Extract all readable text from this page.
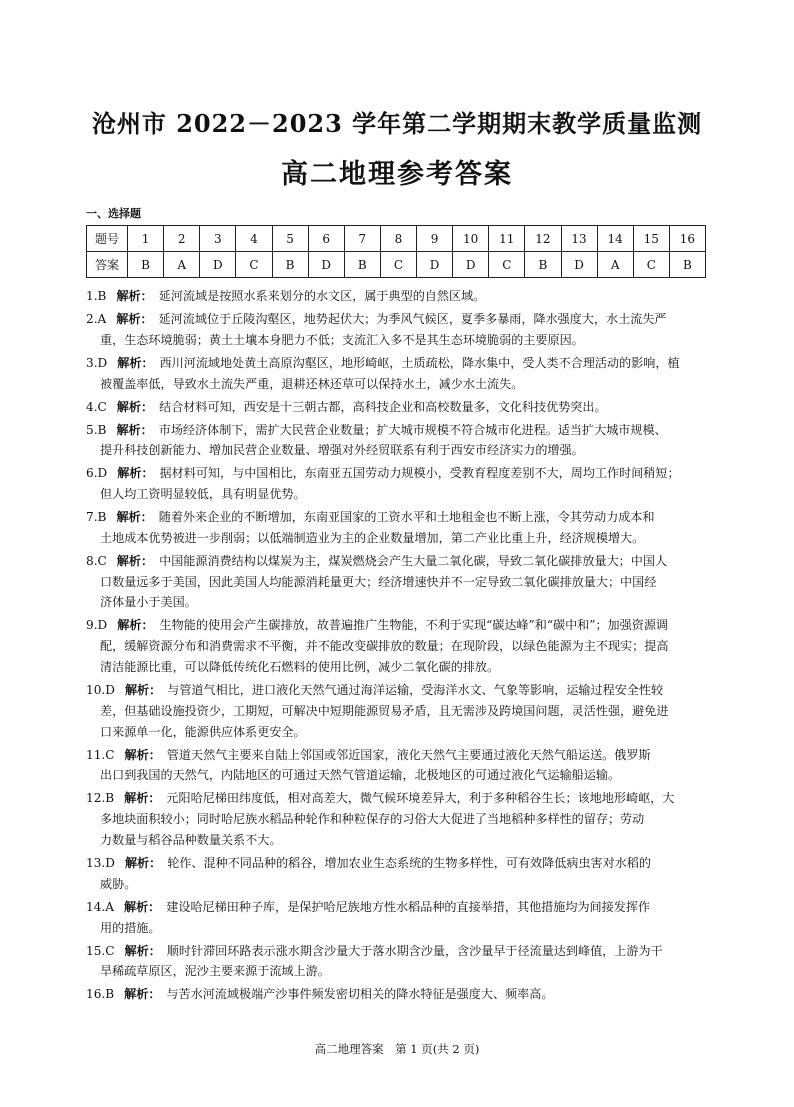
沧州市 2022－2023 学年第二学期期末教学质量监测
高二地理参考答案
一、选择题
题号	1	2	3	4	5	6	7	8	9	10	11	12	13	14	15	16
答案	B	A	D	C	B	D	B	C	D	D	C	B	D	A	C	B

1.B 解析： 延河流域是按照水系来划分的水文区，属于典型的自然区域。

2.A 解析： 延河流域位于丘陵沟壑区，地势起伏大；为季风气候区，夏季多暴雨，降水强度大，水土流失严

重，生态环境脆弱；黄土土壤本身肥力不低；支流汇入多不是其生态环境脆弱的主要原因。

3.D 解析： 西川河流域地处黄土高原沟壑区，地形崎岖，土质疏松，降水集中，受人类不合理活动的影响，植

被覆盖率低，导致水土流失严重，退耕还林还草可以保持水土，减少水土流失。

4.C 解析： 结合材料可知，西安是十三朝古都，高科技企业和高校数量多，文化科技优势突出。

5.B 解析： 市场经济体制下，需扩大民营企业数量；扩大城市规模不符合城市化进程。适当扩大城市规模、

提升科技创新能力、增加民营企业数量、增强对外经贸联系有利于西安市经济实力的增强。

6.D 解析： 据材料可知，与中国相比，东南亚五国劳动力规模小，受教育程度差别不大，周均工作时间稍短；

但人均工资明显较低，具有明显优势。

7.B 解析： 随着外来企业的不断增加，东南亚国家的工资水平和土地租金也不断上涨，令其劳动力成本和

土地成本优势被进一步削弱；以低端制造业为主的企业数量增加，第二产业比重上升，经济规模增大。

8.C 解析： 中国能源消费结构以煤炭为主，煤炭燃烧会产生大量二氧化碳，导致二氧化碳排放量大；中国人

口数量远多于美国，因此美国人均能源消耗量更大；经济增速快并不一定导致二氧化碳排放量大；中国经

济体量小于美国。

9.D 解析： 生物能的使用会产生碳排放，故普遍推广生物能，不利于实现“碳达峰”和“碳中和”；加强资源调

配，缓解资源分布和消费需求不平衡，并不能改变碳排放的数量；在现阶段，以绿色能源为主不现实；提高

清洁能源比重，可以降低传统化石燃料的使用比例，减少二氧化碳的排放。

10.D 解析： 与管道气相比，进口液化天然气通过海洋运输，受海洋水文、气象等影响，运输过程安全性较

差，但基础设施投资少，工期短，可解决中短期能源贸易矛盾，且无需涉及跨境国问题，灵活性强，避免进

口来源单一化，能源供应体系更安全。

11.C 解析： 管道天然气主要来自陆上邻国或邻近国家，液化天然气主要通过液化天然气船运送。俄罗斯

出口到我国的天然气，内陆地区的可通过天然气管道运输，北极地区的可通过液化气运输船运输。

12.B 解析： 元阳哈尼梯田纬度低，相对高差大，微气候环境差异大，利于多种稻谷生长；该地地形崎岖，大

多地块面积较小；同时哈尼族水稻品种轮作和种粒保存的习俗大大促进了当地稻种多样性的留存；劳动

力数量与稻谷品种数量关系不大。

13.D 解析： 轮作、混种不同品种的稻谷，增加农业生态系统的生物多样性，可有效降低病虫害对水稻的

威胁。

14.A 解析： 建设哈尼梯田种子库，是保护哈尼族地方性水稻品种的直接举措，其他措施均为间接发挥作

用的措施。

15.C 解析： 顺时针滞回环路表示涨水期含沙量大于落水期含沙量，含沙量早于径流量达到峰值，上游为干

旱稀疏草原区，泥沙主要来源于流域上游。

16.B 解析： 与苦水河流域极端产沙事件频发密切相关的降水特征是强度大、频率高。

高二地理答案　第 1 页(共 2 页)
